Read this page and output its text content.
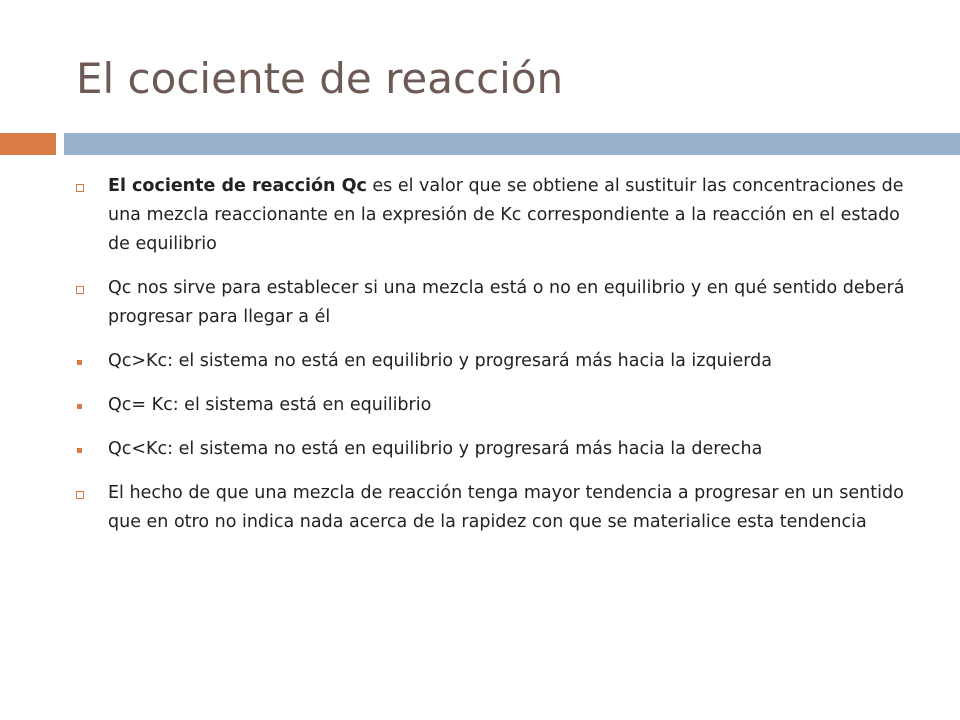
El cociente de reacción
El cociente de reacción Qc es el valor que se obtiene al sustituir las concentraciones de una mezcla reaccionante en la expresión de Kc correspondiente a la reacción en el estado de equilibrio
Qc nos sirve para establecer si una mezcla está o no en equilibrio y en qué sentido deberá progresar para llegar a él
Qc>Kc: el sistema no está en equilibrio y progresará más hacia la izquierda
Qc= Kc: el sistema está en equilibrio
Qc<Kc: el sistema no está en equilibrio y progresará más hacia la derecha
El hecho de que una mezcla de reacción tenga mayor tendencia a progresar en un sentido que en otro no indica nada acerca de la rapidez con que se materialice esta tendencia
